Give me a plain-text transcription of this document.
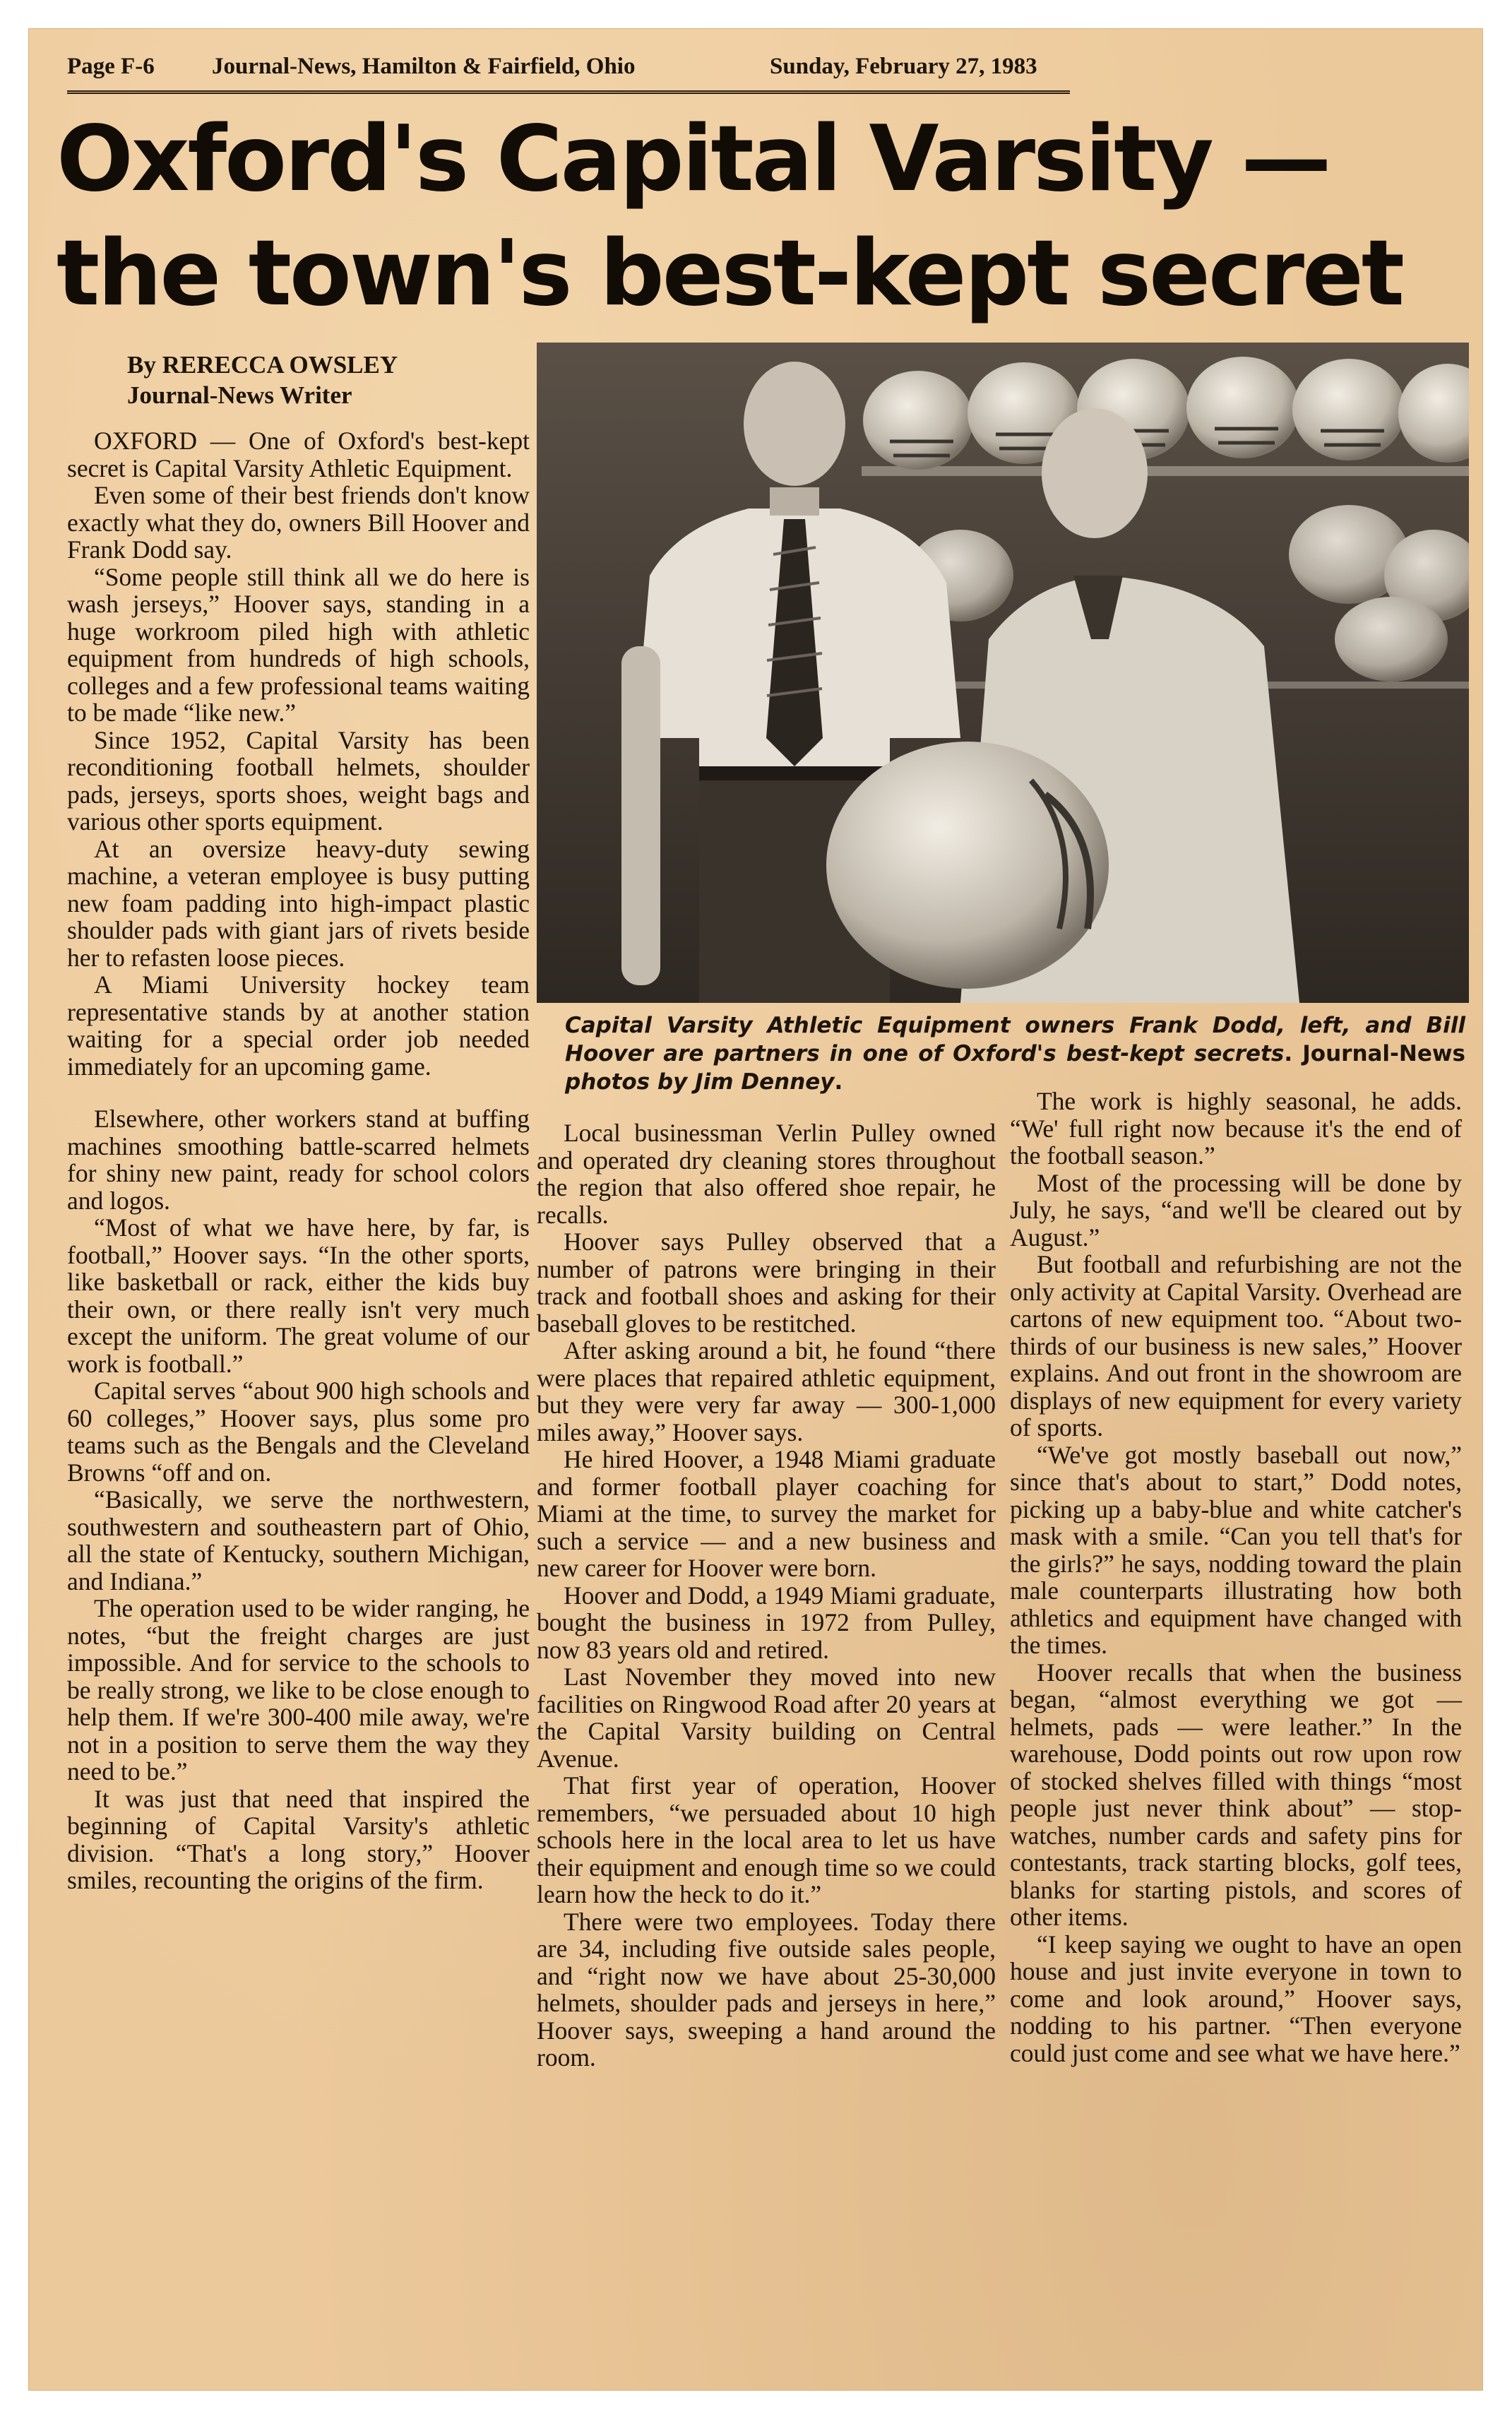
Page F-6 Journal-News, Hamilton & Fairfield, Ohio	Sunday, February 27, 1983
Oxford's Capital Varsity —
the town's best-kept secret
By RERECCA OWSLEY
Journal-News Writer
Capital Varsity Athletic Equipment owners Frank Dodd, left, and Bill Hoover are partners in one of Oxford's best-kept secrets. Journal-News photos by Jim Denney.

OXFORD — One of Oxford's best-kept secret is Capital Varsity Athletic Equipment.

Even some of their best friends don't know exactly what they do, owners Bill Hoover and Frank Dodd say.

“Some people still think all we do here is wash jerseys,” Hoover says, standing in a huge workroom piled high with athletic equipment from hundreds of high schools, colleges and a few professional teams waiting to be made “like new.”

Since 1952, Capital Varsity has been reconditioning football helmets, shoulder pads, jerseys, sports shoes, weight bags and various other sports equipment.

At an oversize heavy-duty sewing machine, a veteran employee is busy putting new foam padding into high-impact plastic shoulder pads with giant jars of rivets beside her to refasten loose pieces.

A Miami University hockey team representative stands by at another station waiting for a special order job needed immediately for an upcoming game.

Elsewhere, other workers stand at buffing machines smoothing battle-scarred helmets for shiny new paint, ready for school colors and logos.

“Most of what we have here, by far, is football,” Hoover says. “In the other sports, like basketball or rack, either the kids buy their own, or there really isn't very much except the uniform. The great volume of our work is football.”

Capital serves “about 900 high schools and 60 colleges,” Hoover says, plus some pro teams such as the Bengals and the Cleveland Browns “off and on.

“Basically, we serve the northwestern, southwestern and southeastern part of Ohio, all the state of Kentucky, southern Michigan, and Indiana.”

The operation used to be wider ranging, he notes, “but the freight charges are just impossible. And for service to the schools to be really strong, we like to be close enough to help them. If we're 300-400 mile away, we're not in a position to serve them the way they need to be.”

It was just that need that inspired the beginning of Capital Varsity's athletic division. “That's a long story,” Hoover smiles, recounting the origins of the firm.

Local businessman Verlin Pulley owned and operated dry cleaning stores throughout the region that also offered shoe repair, he recalls.

Hoover says Pulley observed that a number of patrons were bringing in their track and football shoes and asking for their baseball gloves to be restitched.

After asking around a bit, he found “there were places that repaired athletic equipment, but they were very far away — 300-1,000 miles away,” Hoover says.

He hired Hoover, a 1948 Miami graduate and former football player coaching for Miami at the time, to survey the market for such a service — and a new business and new career for Hoover were born.

Hoover and Dodd, a 1949 Miami graduate, bought the business in 1972 from Pulley, now 83 years old and retired.

Last November they moved into new facilities on Ringwood Road after 20 years at the Capital Varsity building on Central Avenue.

That first year of operation, Hoover remembers, “we persuaded about 10 high schools here in the local area to let us have their equipment and enough time so we could learn how the heck to do it.”

There were two employees. Today there are 34, including five outside sales people, and “right now we have about 25-30,000 helmets, shoulder pads and jerseys in here,” Hoover says, sweeping a hand around the room.

The work is highly seasonal, he adds. “We' full right now because it's the end of the football season.”

Most of the processing will be done by July, he says, “and we'll be cleared out by August.”

But football and refurbishing are not the only activity at Capital Varsity. Overhead are cartons of new equipment too. “About two-thirds of our business is new sales,” Hoover explains. And out front in the showroom are displays of new equipment for every variety of sports.

“We've got mostly baseball out now,” since that's about to start,” Dodd notes, picking up a baby-blue and white catcher's mask with a smile. “Can you tell that's for the girls?” he says, nodding toward the plain male counterparts illustrating how both athletics and equipment have changed with the times.

Hoover recalls that when the business began, “almost everything we got — helmets, pads — were leather.” In the warehouse, Dodd points out row upon row of stocked shelves filled with things “most people just never think about” — stop-watches, number cards and safety pins for contestants, track starting blocks, golf tees, blanks for starting pistols, and scores of other items.

“I keep saying we ought to have an open house and just invite everyone in town to come and look around,” Hoover says, nodding to his partner. “Then everyone could just come and see what we have here.”
